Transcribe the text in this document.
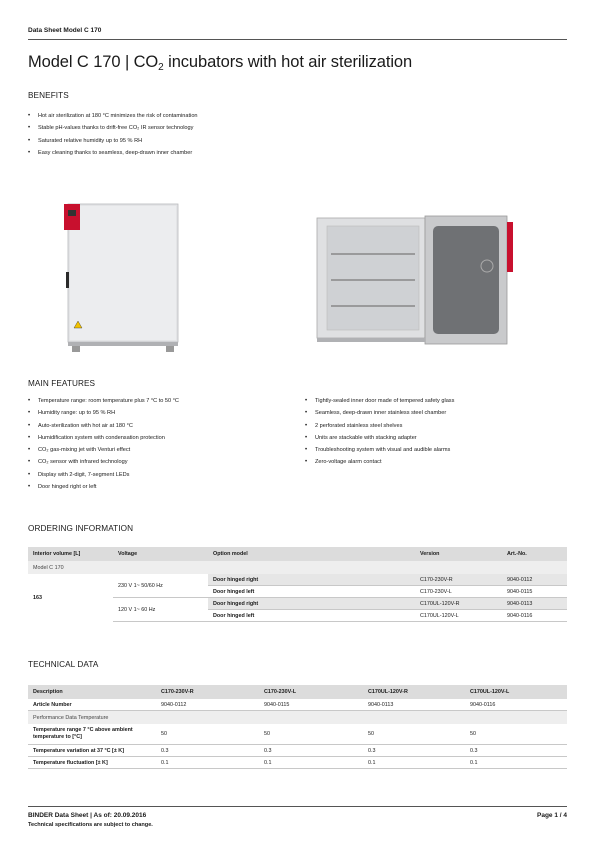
Data Sheet Model C 170
Model C 170 | $CO_2$ incubators with hot air sterilization
BENEFITS
• Hot air sterilization at 180 °C minimizes the risk of contamination
• Stable pH-values thanks to drift-free CO₂ IR sensor technology
• Saturated relative humidity up to 95 % RH
• Easy cleaning thanks to seamless, deep-drawn inner chamber
MAIN FEATURES
• Temperature range: room temperature plus 7 °C to 50 °C
• Humidity range: up to 95 % RH
• Auto-sterilization with hot air at 180 °C
• Humidification system with condensation protection
• CO₂ gas-mixing jet with Venturi effect
• CO₂ sensor with infrared technology
• Display with 2-digit, 7-segment LEDs
• Door hinged right or left
• Tightly-sealed inner door made of tempered safety glass
• Seamless, deep-drawn inner stainless steel chamber
• 2 perforated stainless steel shelves
• Units are stackable with stacking adapter
• Troubleshooting system with visual and audible alarms
• Zero-voltage alarm contact
ORDERING INFORMATION
Interior volume [L]	Voltage	Option model	Version	Art.-No.
Model C 170				
163	230 V 1~ 50/60 Hz	Door hinged right	C170-230V-R	9040-0112
		Door hinged left	C170-230V-L	9040-0115
	120 V 1~ 60 Hz	Door hinged right	C170UL-120V-R	9040-0113
		Door hinged left	C170UL-120V-L	9040-0116
TECHNICAL DATA
Description	C170-230V-R	C170-230V-L	C170UL-120V-R	C170UL-120V-L
Article Number	9040-0112	9040-0115	9040-0113	9040-0116
Performance Data Temperature				
Temperature range 7 °C above ambient temperature to [°C]	50	50	50	50
Temperature variation at 37 °C [± K]	0.3	0.3	0.3	0.3
Temperature fluctuation [± K]	0.1	0.1	0.1	0.1
BINDER Data Sheet | As of: 20.09.2016
Technical specifications are subject to change.
Page 1 / 4
